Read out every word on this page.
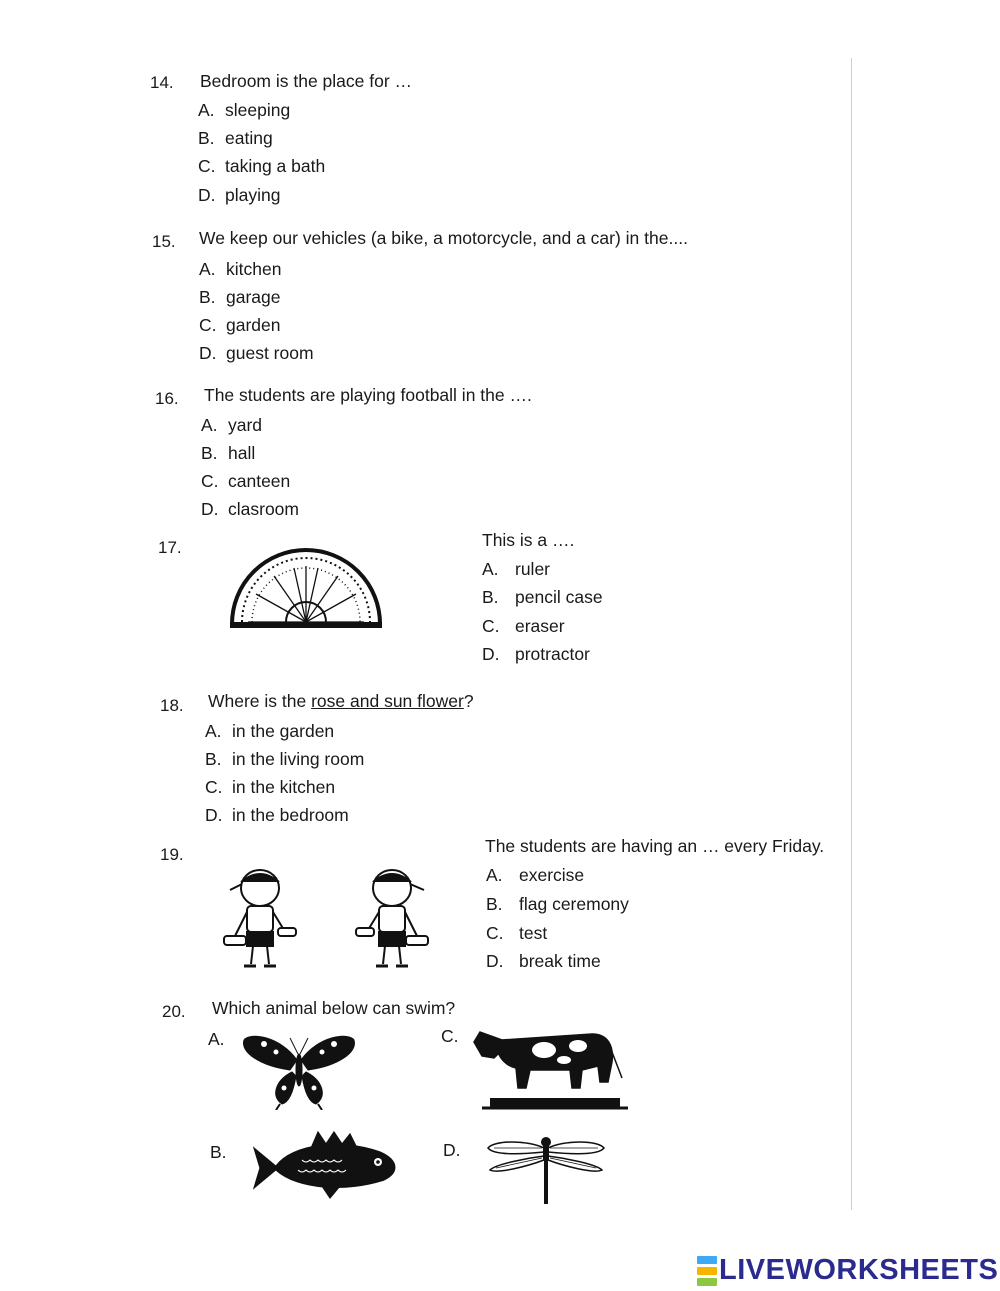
14. Bedroom is the place for …
A. sleeping
B. eating
C. taking a bath
D. playing
15. We keep our vehicles (a bike, a motorcycle, and a car) in the....
A. kitchen
B. garage
C. garden
D. guest room
16. The students are playing football in the ….
A. yard
B. hall
C. canteen
D. clasroom
17.	This is a ….
A. ruler
B. pencil case
C. eraser
D. protractor
18. Where is the rose and sun flower?
A. in the garden
B. in the living room
C. in the kitchen
D. in the bedroom
19.	The students are having an … every Friday.
A. exercise
B. flag ceremony
C. test
D. break time
20. Which animal below can swim?
A.	C.
B.	D.
LIVEWORKSHEETS
